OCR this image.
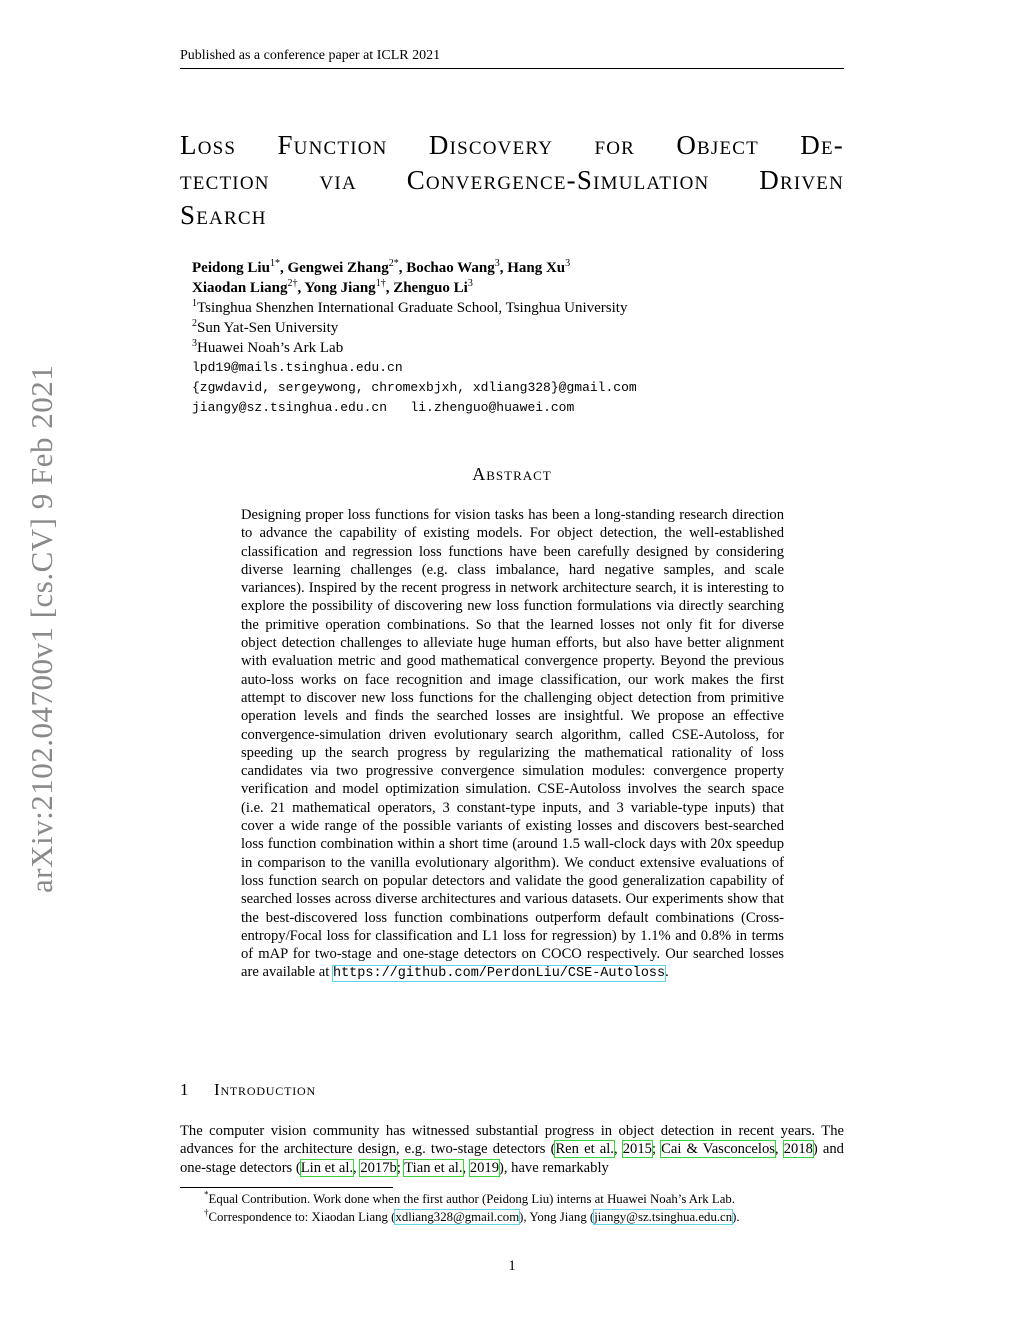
Published as a conference paper at ICLR 2021
arXiv:2102.04700v1 [cs.CV] 9 Feb 2021
Loss Function Discovery for Object De-
tection via Convergence-Simulation Driven
Search
Peidong Liu$^{1*}$, Gengwei Zhang$^{2*}$, Bochao Wang$^3$, Hang Xu$^3$
Xiaodan Liang$^{2\dagger}$, Yong Jiang$^{1\dagger}$, Zhenguo Li$^3$
$^1$Tsinghua Shenzhen International Graduate School, Tsinghua University
$^2$Sun Yat-Sen University
$^3$Huawei Noah’s Ark Lab
lpd19@mails.tsinghua.edu.cn
{zgwdavid, sergeywong, chromexbjxh, xdliang328}@gmail.com
jiangy@sz.tsinghua.edu.cn li.zhenguo@huawei.com
Abstract
Designing proper loss functions for vision tasks has been a long-standing research direction to advance the capability of existing models. For object detection, the well-established classification and regression loss functions have been carefully designed by considering diverse learning challenges (e.g. class imbalance, hard negative samples, and scale variances). Inspired by the recent progress in network architecture search, it is interesting to explore the possibility of discovering new loss function formulations via directly searching the primitive operation combinations. So that the learned losses not only fit for diverse object detection challenges to alleviate huge human efforts, but also have better alignment with evaluation metric and good mathematical convergence property. Beyond the previous auto-loss works on face recognition and image classification, our work makes the first attempt to discover new loss functions for the challenging object detection from primitive operation levels and finds the searched losses are insightful. We propose an effective convergence-simulation driven evolutionary search algorithm, called CSE-Autoloss, for speeding up the search progress by regularizing the mathematical rationality of loss candidates via two progressive convergence simulation modules: convergence property verification and model optimization simulation. CSE-Autoloss involves the search space (i.e. 21 mathematical operators, 3 constant-type inputs, and 3 variable-type inputs) that cover a wide range of the possible variants of existing losses and discovers best-searched loss function combination within a short time (around 1.5 wall-clock days with 20x speedup in comparison to the vanilla evolutionary algorithm). We conduct extensive evaluations of loss function search on popular detectors and validate the good generalization capability of searched losses across diverse architectures and various datasets. Our experiments show that the best-discovered loss function combinations outperform default combinations (Cross-entropy/Focal loss for classification and L1 loss for regression) by 1.1% and 0.8% in terms of mAP for two-stage and one-stage detectors on COCO respectively. Our searched losses are available at https://github.com/PerdonLiu/CSE-Autoloss.
1 Introduction
The computer vision community has witnessed substantial progress in object detection in recent years. The advances for the architecture design, e.g. two-stage detectors (Ren et al., 2015; Cai & Vasconcelos, 2018) and one-stage detectors (Lin et al., 2017b; Tian et al., 2019), have remarkably
*Equal Contribution. Work done when the first author (Peidong Liu) interns at Huawei Noah’s Ark Lab.
†Correspondence to: Xiaodan Liang (xdliang328@gmail.com), Yong Jiang (jiangy@sz.tsinghua.edu.cn).
1
